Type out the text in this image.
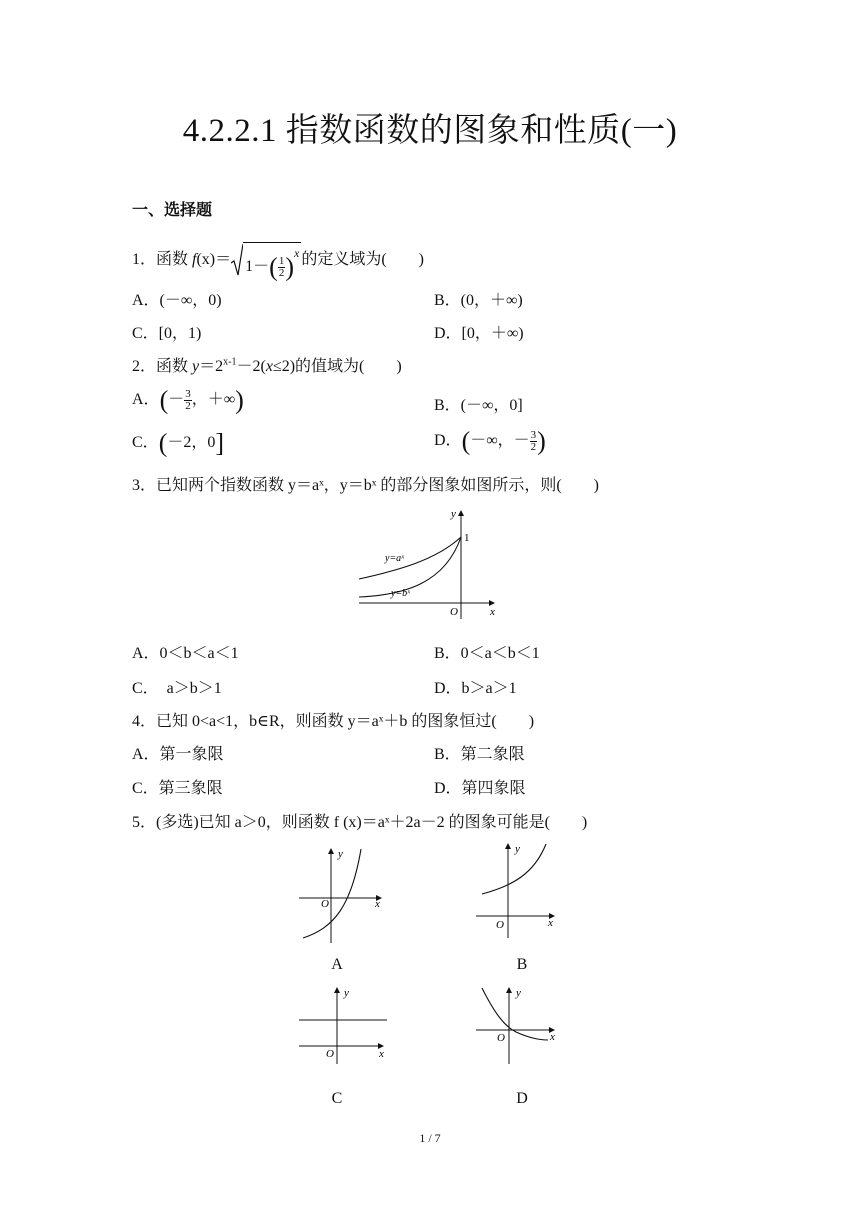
4.2.2.1 指数函数的图象和性质(一)
一、选择题
1．函数 $f(x)= 1-( \frac{1}{2} )^x$ 的定义域为(　　)
A．(－∞，0)	B．(0，＋∞)
C．[0，1)	D．[0，＋∞)
2．函数 $y=2^{x-1}-2(x\le 2)$的值域为(　　)
A．(－ $\frac{3}{2}$ ，＋∞)	B．(－∞，0]
C．(－2，0]	D．(－∞，－ $\frac{3}{2}$ )
3．已知两个指数函数 y＝aˣ，y＝bˣ 的部分图象如图所示，则(　　)
y
1
y=aˣ
y=bˣ
O	x
A．0＜b＜a＜1	B．0＜a＜b＜1
C．　a＞b＞1	D．b＞a＞1
4．已知 0<a<1，b∈R，则函数 y＝aˣ＋b 的图象恒过(　　)
A．第一象限	B．第二象限
C．第三象限	D．第四象限
5．(多选)已知 a＞0，则函数 f (x)＝aˣ＋2a－2 的图象可能是(　　)
y
O	x
A
y
O	x
B
y
O	x
C
y
O	x
D
1 / 7
